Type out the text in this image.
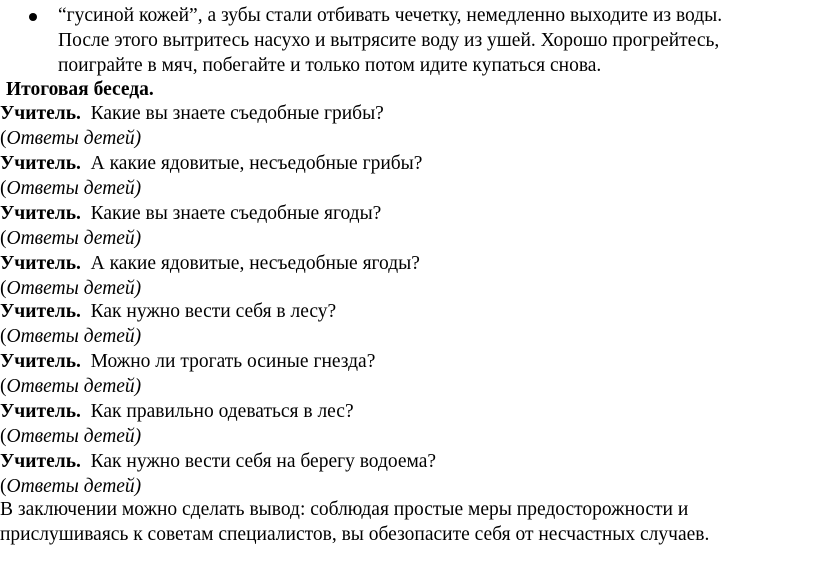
“гусиной кожей”, а зубы стали отбивать чечетку, немедленно выходите из воды.
После этого вытритесь насухо и вытрясите воду из ушей. Хорошо прогрейтесь,
поиграйте в мяч, побегайте и только потом идите купаться снова.
Итоговая беседа.
Учитель. Какие вы знаете съедобные грибы?
(Ответы детей)
Учитель. А какие ядовитые, несъедобные грибы?
(Ответы детей)
Учитель. Какие вы знаете съедобные ягоды?
(Ответы детей)
Учитель. А какие ядовитые, несъедобные ягоды?
(Ответы детей)
Учитель. Как нужно вести себя в лесу?
(Ответы детей)
Учитель. Можно ли трогать осиные гнезда?
(Ответы детей)
Учитель. Как правильно одеваться в лес?
(Ответы детей)
Учитель. Как нужно вести себя на берегу водоема?
(Ответы детей)
В заключении можно сделать вывод: соблюдая простые меры предосторожности и
прислушиваясь к советам специалистов, вы обезопасите себя от несчастных случаев.
